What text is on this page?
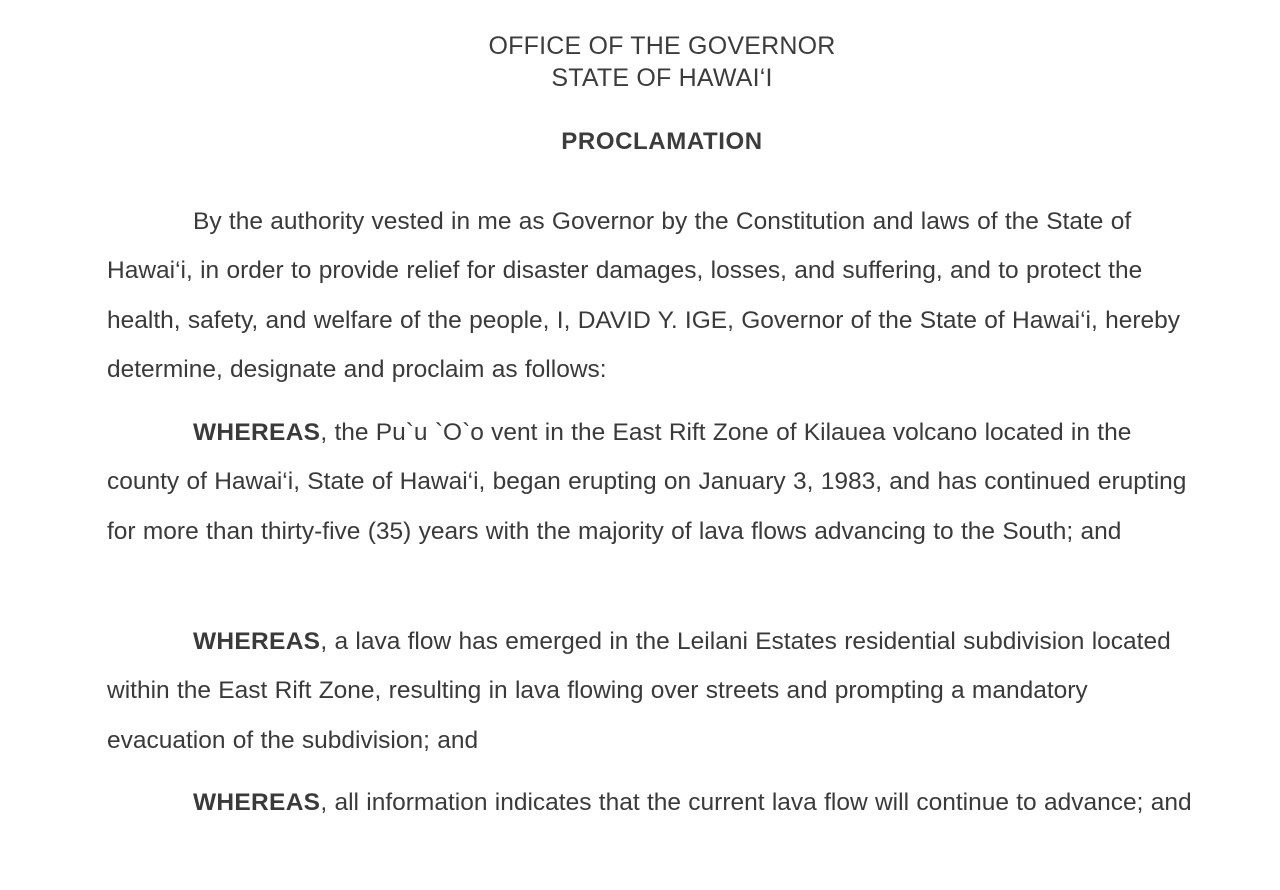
OFFICE OF THE GOVERNOR
STATE OF HAWAI‘I
PROCLAMATION

By the authority vested in me as Governor by the Constitution and laws of the State of Hawai‘i, in order to provide relief for disaster damages, losses, and suffering, and to protect the health, safety, and welfare of the people, I, DAVID Y. IGE, Governor of the State of Hawai‘i, hereby determine, designate and proclaim as follows:

WHEREAS, the Pu`u `O`o vent in the East Rift Zone of Kilauea volcano located in the county of Hawai‘i, State of Hawai‘i, began erupting on January 3, 1983, and has continued erupting for more than thirty-five (35) years with the majority of lava flows advancing to the South; and

WHEREAS, a lava flow has emerged in the Leilani Estates residential subdivision located within the East Rift Zone, resulting in lava flowing over streets and prompting a mandatory evacuation of the subdivision; and

WHEREAS, all information indicates that the current lava flow will continue to advance; and
